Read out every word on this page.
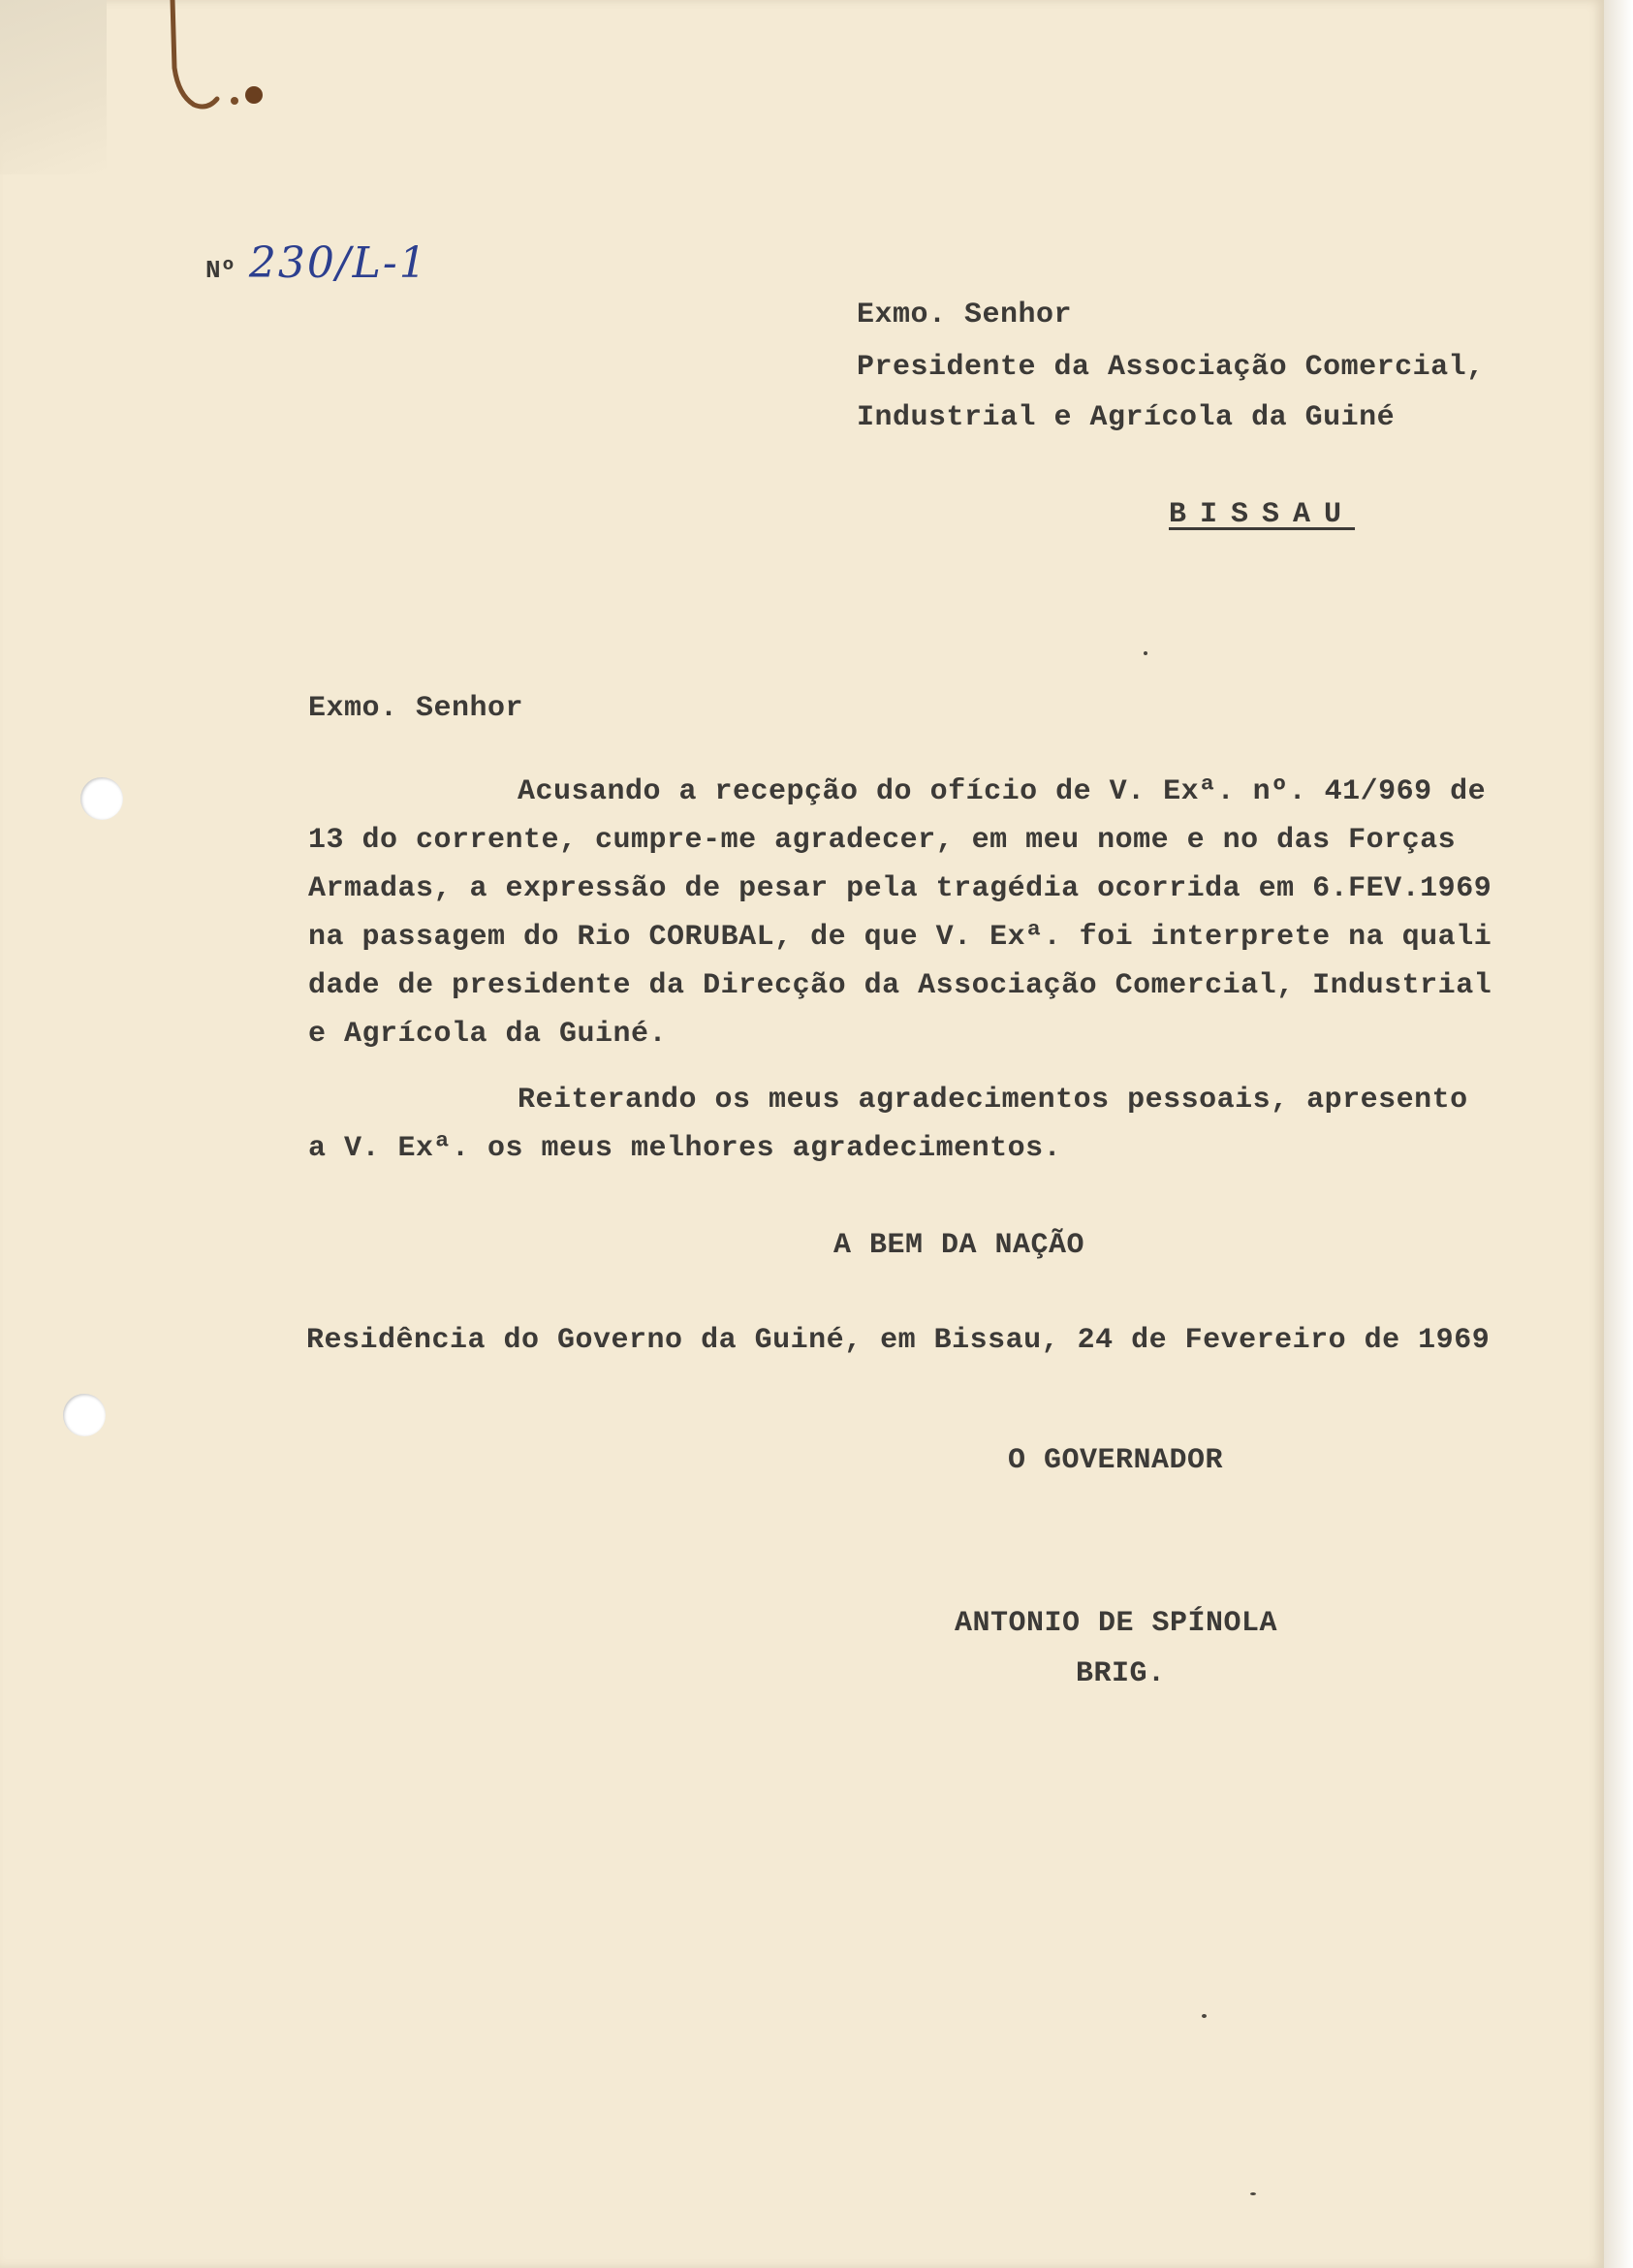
Nº 230/L-1
Exmo. Senhor
Presidente da Associação Comercial,
Industrial e Agrícola da Guiné
BISSAU
Exmo. Senhor
Acusando a recepção do ofício de V. Exª. nº. 41/969 de
13 do corrente, cumpre-me agradecer, em meu nome e no das Forças
Armadas, a expressão de pesar pela tragédia ocorrida em 6.FEV.1969
na passagem do Rio CORUBAL, de que V. Exª. foi interprete na quali
dade de presidente da Direcção da Associação Comercial, Industrial
e Agrícola da Guiné.
Reiterando os meus agradecimentos pessoais, apresento
a V. Exª. os meus melhores agradecimentos.
A BEM DA NAÇÃO
Residência do Governo da Guiné, em Bissau, 24 de Fevereiro de 1969
O GOVERNADOR
ANTONIO DE SPÍNOLA
BRIG.
